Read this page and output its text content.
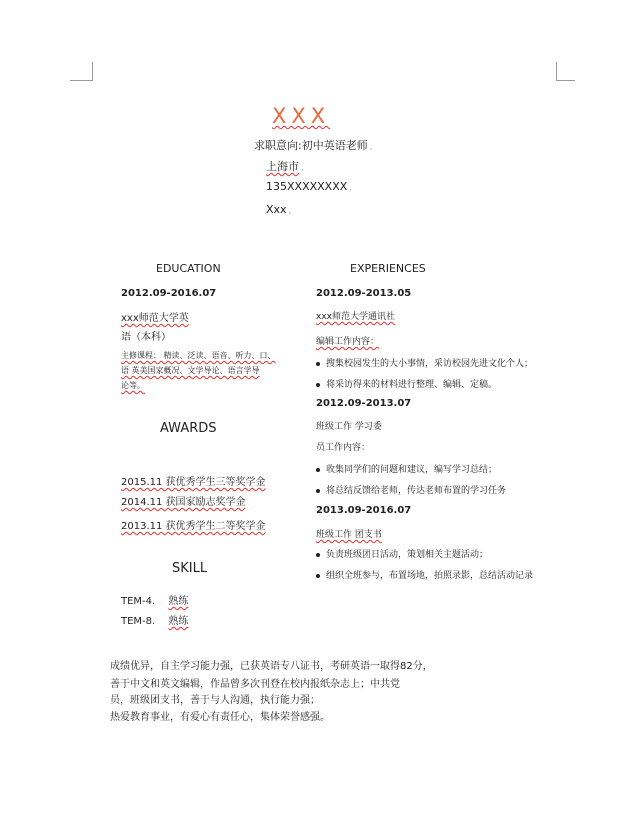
XXX
求职意向:初中英语老师 ,
上海市 ,
135XXXXXXXX ,
Xxx ,
EDUCATION
2012.09-2016.07
xxx师范大学英
语（本科）
主修课程： 精读、泛读、语音、听力、口、
语 英美国家概况、文学导论、语言学导
论等。
AWARDS
2015.11 获优秀学生三等奖学金
2014.11 获国家励志奖学金
2013.11 获优秀学生二等奖学金
SKILL
TEM-4. 熟练
TEM-8. 熟练
EXPERIENCES
2012.09-2013.05
xxx师范大学通讯社
编辑工作内容：
搜集校园发生的大小事情，采访校园先进文化个人；
将采访得来的材料进行整理、编辑、定稿。
2012.09-2013.07
班级工作 学习委
员工作内容：
收集同学们的问题和建议，编写学习总结；
将总结反馈给老师，传达老师布置的学习任务
2013.09-2016.07
班级工作 团支书
负责班级团日活动，策划相关主题活动；
组织全班参与，布置场地，拍照录影，总结活动记录
成绩优异，自主学习能力强，已获英语专八证书，考研英语一取得82分，
善于中文和英文编辑，作品曾多次刊登在校内报纸杂志上；中共党
员，班级团支书，善于与人沟通，执行能力强；
热爱教育事业，有爱心有责任心，集体荣誉感强。
